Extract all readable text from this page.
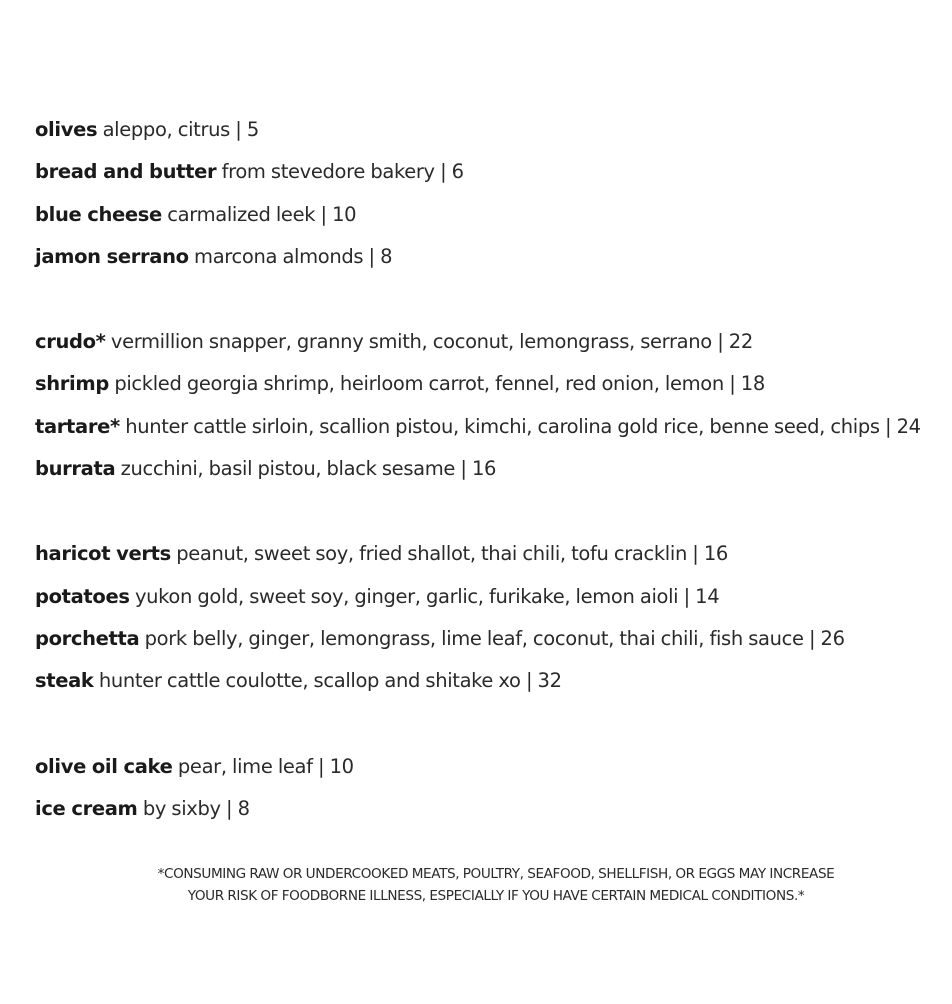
olives aleppo, citrus | 5
bread and butter from stevedore bakery | 6
blue cheese carmalized leek | 10
jamon serrano marcona almonds | 8
crudo* vermillion snapper, granny smith, coconut, lemongrass, serrano | 22
shrimp pickled georgia shrimp, heirloom carrot, fennel, red onion, lemon | 18
tartare* hunter cattle sirloin, scallion pistou, kimchi, carolina gold rice, benne seed, chips | 24
burrata zucchini, basil pistou, black sesame | 16
haricot verts peanut, sweet soy, fried shallot, thai chili, tofu cracklin | 16
potatoes yukon gold, sweet soy, ginger, garlic, furikake, lemon aioli | 14
porchetta pork belly, ginger, lemongrass, lime leaf, coconut, thai chili, fish sauce | 26
steak hunter cattle coulotte, scallop and shitake xo | 32
olive oil cake pear, lime leaf | 10
ice cream by sixby | 8
*CONSUMING RAW OR UNDERCOOKED MEATS, POULTRY, SEAFOOD, SHELLFISH, OR EGGS MAY INCREASE
YOUR RISK OF FOODBORNE ILLNESS, ESPECIALLY IF YOU HAVE CERTAIN MEDICAL CONDITIONS.*
